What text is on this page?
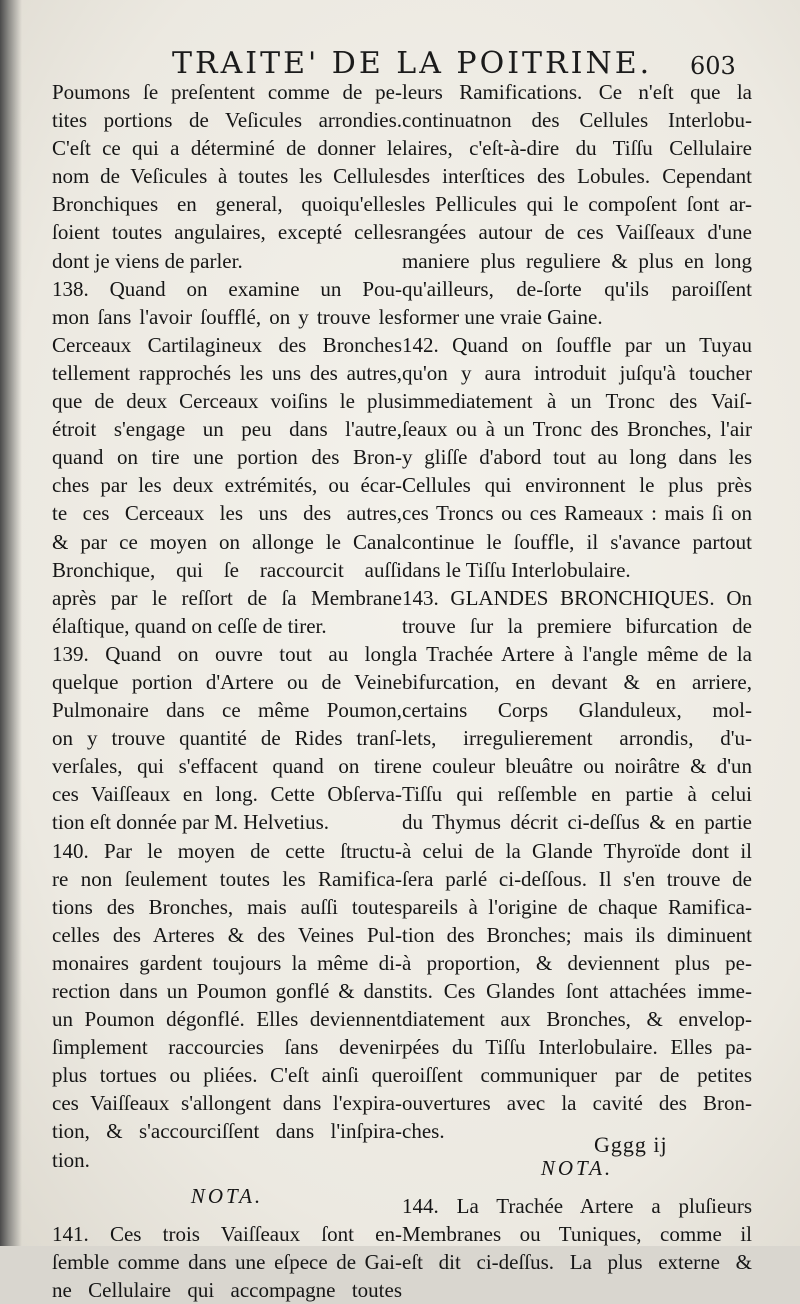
TRAITE' DE LA POITRINE. 603
Poumons ſe preſentent comme de pe-
tites portions de Veſicules arrondies.
C'eſt ce qui a déterminé de donner le
nom de Veſicules à toutes les Cellules
Bronchiques en general, quoiqu'elles
ſoient toutes angulaires, excepté celles
dont je viens de parler.
138. Quand on examine un Pou-
mon ſans l'avoir ſoufflé, on y trouve les
Cerceaux Cartilagineux des Bronches
tellement rapprochés les uns des autres,
que de deux Cerceaux voiſins le plus
étroit s'engage un peu dans l'autre,
quand on tire une portion des Bron-
ches par les deux extrémités, ou écar-
te ces Cerceaux les uns des autres,
& par ce moyen on allonge le Canal
Bronchique, qui ſe raccourcit auſſi
après par le reſſort de ſa Membrane
élaſtique, quand on ceſſe de tirer.
139. Quand on ouvre tout au long
quelque portion d'Artere ou de Veine
Pulmonaire dans ce même Poumon,
on y trouve quantité de Rides tranſ-
verſales, qui s'effacent quand on tire
ces Vaiſſeaux en long. Cette Obſerva-
tion eſt donnée par M. Helvetius.
140. Par le moyen de cette ſtructu-
re non ſeulement toutes les Ramifica-
tions des Bronches, mais auſſi toutes
celles des Arteres & des Veines Pul-
monaires gardent toujours la même di-
rection dans un Poumon gonflé & dans
un Poumon dégonflé. Elles deviennent
ſimplement raccourcies ſans devenir
plus tortues ou pliées. C'eſt ainſi que
ces Vaiſſeaux s'allongent dans l'expira-
tion, & s'accourciſſent dans l'inſpira-
tion.
NOTA.
141. Ces trois Vaiſſeaux ſont en-
ſemble comme dans une eſpece de Gai-
ne Cellulaire qui accompagne toutes
leurs Ramifications. Ce n'eſt que la
continuatnon des Cellules Interlobu-
laires, c'eſt-à-dire du Tiſſu Cellulaire
des interſtices des Lobules. Cependant
les Pellicules qui le compoſent ſont ar-
rangées autour de ces Vaiſſeaux d'une
maniere plus reguliere & plus en long
qu'ailleurs, de-ſorte qu'ils paroiſſent
former une vraie Gaine.
142. Quand on ſouffle par un Tuyau
qu'on y aura introduit juſqu'à toucher
immediatement à un Tronc des Vaiſ-
ſeaux ou à un Tronc des Bronches, l'air
y gliſſe d'abord tout au long dans les
Cellules qui environnent le plus près
ces Troncs ou ces Rameaux : mais ſi on
continue le ſouffle, il s'avance partout
dans le Tiſſu Interlobulaire.
143. GLANDES BRONCHIQUES. On
trouve ſur la premiere bifurcation de
la Trachée Artere à l'angle même de la
bifurcation, en devant & en arriere,
certains Corps Glanduleux, mol-
lets, irregulierement arrondis, d'u-
ne couleur bleuâtre ou noirâtre & d'un
Tiſſu qui reſſemble en partie à celui
du Thymus décrit ci-deſſus & en partie
à celui de la Glande Thyroïde dont il
ſera parlé ci-deſſous. Il s'en trouve de
pareils à l'origine de chaque Ramifica-
tion des Bronches; mais ils diminuent
à proportion, & deviennent plus pe-
tits. Ces Glandes ſont attachées imme-
diatement aux Bronches, & envelop-
pées du Tiſſu Interlobulaire. Elles pa-
roiſſent communiquer par de petites
ouvertures avec la cavité des Bron-
ches.
NOTA.
144. La Trachée Artere a pluſieurs
Membranes ou Tuniques, comme il
eſt dit ci-deſſus. La plus externe &
Gggg ij
